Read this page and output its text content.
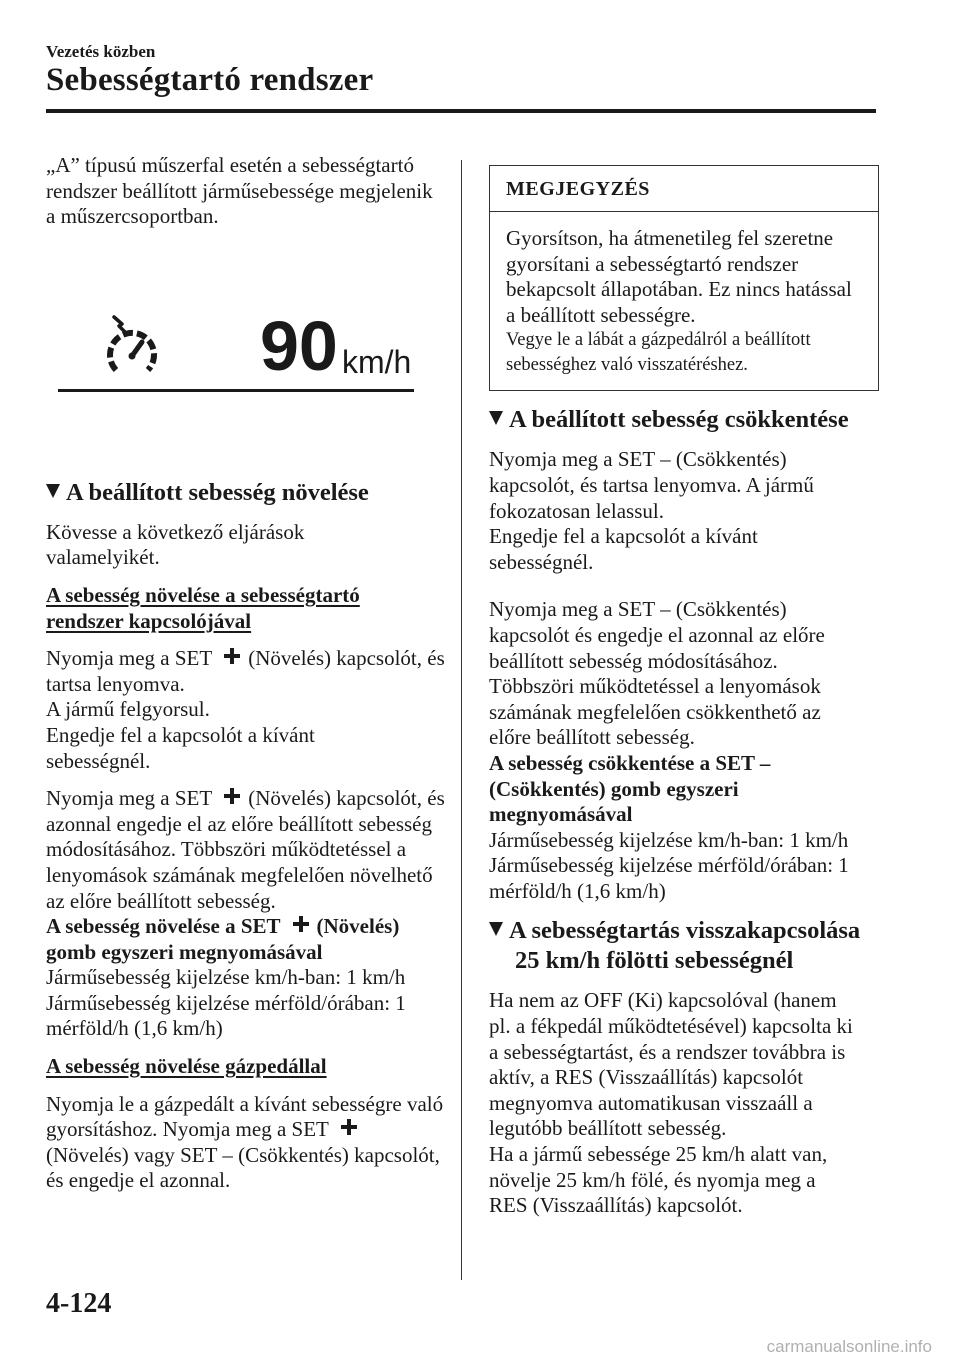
Vezetés közben
Sebességtartó rendszer

„A” típusú műszerfal esetén a sebességtartó rendszer beállított járműsebessége megjelenik a műszercsoportban.

90 km/h
A beállított sebesség növelése

Kövesse a következő eljárások valamelyikét.

A sebesség növelése a sebességtartó rendszer kapcsolójával

Nyomja meg a SET (Növelés) kapcsolót, és tartsa lenyomva.

A jármű felgyorsul.

Engedje fel a kapcsolót a kívánt sebességnél.

Nyomja meg a SET (Növelés) kapcsolót, és azonnal engedje el az előre beállított sebesség módosításához. Többszöri működtetéssel a lenyomások számának megfelelően növelhető az előre beállított sebesség.

A sebesség növelése a SET (Növelés) gomb egyszeri megnyomásával

Járműsebesség kijelzése km/h-ban: 1 km/h

Járműsebesség kijelzése mérföld/órában: 1 mérföld/h (1,6 km/h)

A sebesség növelése gázpedállal

Nyomja le a gázpedált a kívánt sebességre való gyorsításhoz. Nyomja meg a SET(Növelés) vagy SET – (Csökkentés) kapcsolót, és engedje el azonnal.

MEGJEGYZÉS

Gyorsítson, ha átmenetileg fel szeretne gyorsítani a sebességtartó rendszer bekapcsolt állapotában. Ez nincs hatással a beállított sebességre.

Vegye le a lábát a gázpedálról a beállított sebességhez való visszatéréshez.

A beállított sebesség csökkentése

Nyomja meg a SET – (Csökkentés) kapcsolót, és tartsa lenyomva. A jármű fokozatosan lelassul.

Engedje fel a kapcsolót a kívánt sebességnél.

Nyomja meg a SET – (Csökkentés) kapcsolót és engedje el azonnal az előre beállított sebesség módosításához. Többszöri működtetéssel a lenyomások számának megfelelően csökkenthető az előre beállított sebesség.

A sebesség csökkentése a SET – (Csökkentés) gomb egyszeri megnyomásával

Járműsebesség kijelzése km/h-ban: 1 km/h

Járműsebesség kijelzése mérföld/órában: 1 mérföld/h (1,6 km/h)

A sebességtartás visszakapcsolása
25 km/h fölötti sebességnél

Ha nem az OFF (Ki) kapcsolóval (hanem pl. a fékpedál működtetésével) kapcsolta ki a sebességtartást, és a rendszer továbbra is aktív, a RES (Visszaállítás) kapcsolót megnyomva automatikusan visszaáll a legutóbb beállított sebesség.

Ha a jármű sebessége 25 km/h alatt van, növelje 25 km/h fölé, és nyomja meg a RES (Visszaállítás) kapcsolót.

4-124
carmanualsonline.info
